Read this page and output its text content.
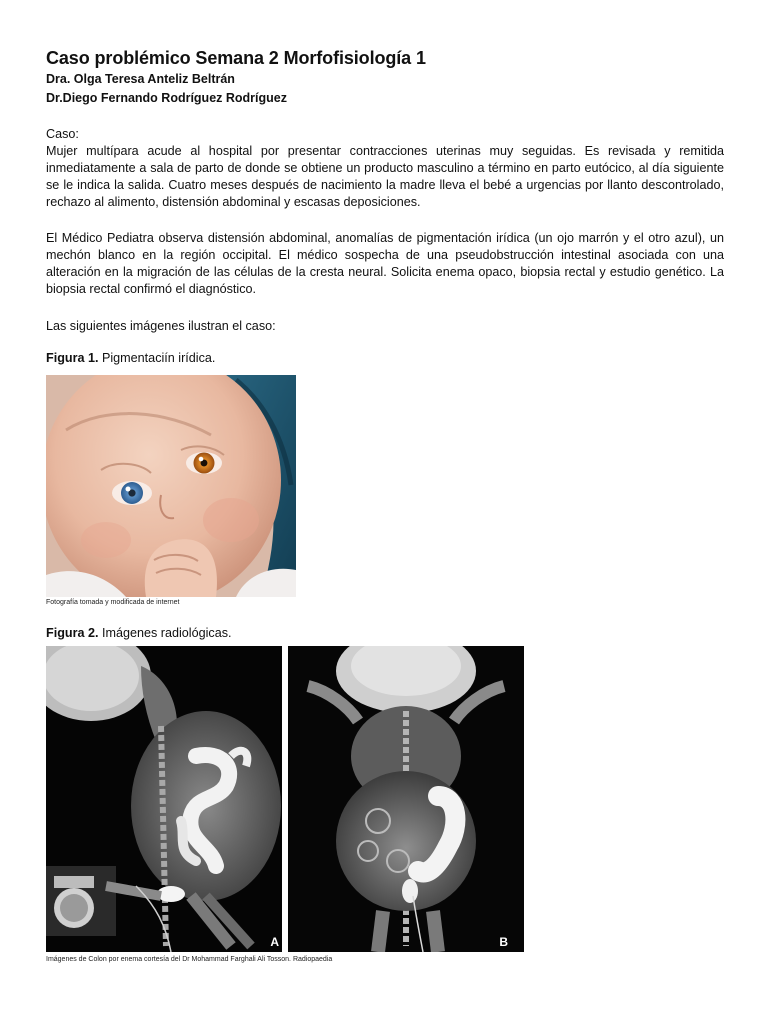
Caso problémico Semana 2 Morfofisiología 1

Dra. Olga Teresa Anteliz Beltrán

Dr.Diego Fernando Rodríguez Rodríguez

Caso:

Mujer multípara acude al hospital por presentar contracciones uterinas muy seguidas. Es revisada y remitida inmediatamente a sala de parto de donde se obtiene un producto masculino a término en parto eutócico, al día siguiente se le indica la salida. Cuatro meses después de nacimiento la madre lleva el bebé a urgencias por llanto descontrolado, rechazo al alimento, distensión abdominal y escasas deposiciones.

El Médico Pediatra observa distensión abdominal, anomalías de pigmentación irídica (un ojo marrón y el otro azul), un mechón blanco en la región occipital. El médico sospecha de una pseudobstrucción intestinal asociada con una alteración en la migración de las células de la cresta neural. Solicita enema opaco, biopsia rectal y estudio genético. La biopsia rectal confirmó el diagnóstico.

Las siguientes imágenes ilustran el caso:

Figura 1. Pigmentaciín irídica.

Fotografía tomada y modificada de internet

Figura 2. Imágenes radiológicas.

A	B

Imágenes de Colon por enema cortesía del Dr Mohammad Farghali Ali Tosson. Radiopaedia
